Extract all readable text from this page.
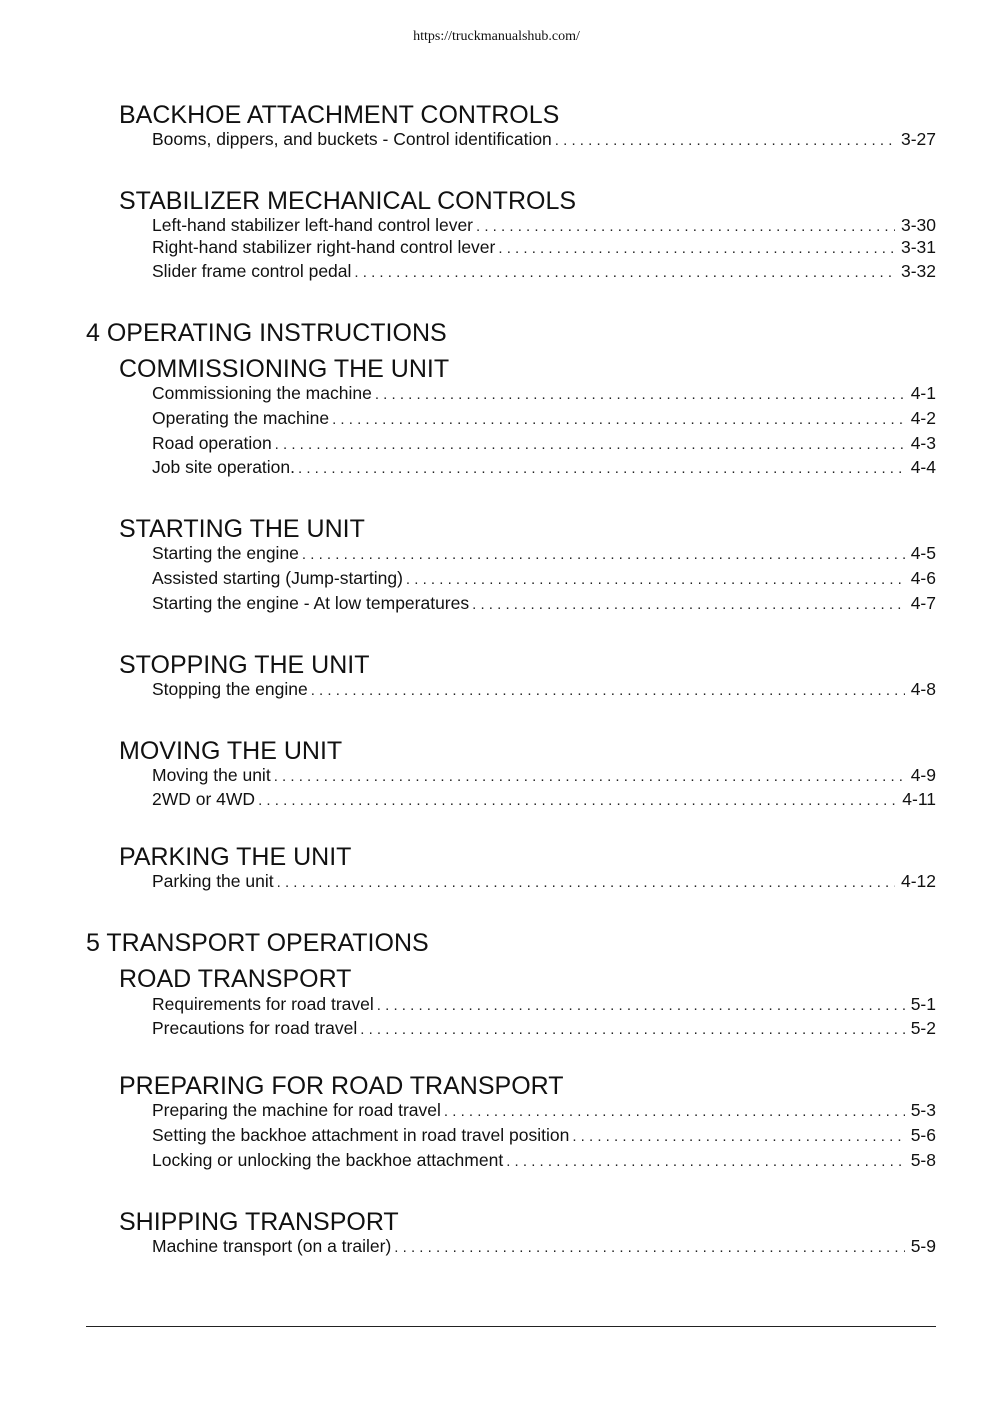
https://truckmanualshub.com/
BACKHOE ATTACHMENT CONTROLS
Booms, dippers, and buckets - Control identification . . .	3-27
STABILIZER MECHANICAL CONTROLS
Left-hand stabilizer left-hand control lever . . .	3-30
Right-hand stabilizer right-hand control lever . . .	3-31
Slider frame control pedal . . .	3-32
4 OPERATING INSTRUCTIONS
COMMISSIONING THE UNIT
Commissioning the machine . . .	4-1
Operating the machine . . .	4-2
Road operation . . .	4-3
Job site operation. . . .	4-4
STARTING THE UNIT
Starting the engine . . .	4-5
Assisted starting (Jump-starting) . . .	4-6
Starting the engine - At low temperatures . . .	4-7
STOPPING THE UNIT
Stopping the engine . . .	4-8
MOVING THE UNIT
Moving the unit . . .	4-9
2WD or 4WD . . .	4-11
PARKING THE UNIT
Parking the unit . . .	4-12
5 TRANSPORT OPERATIONS
ROAD TRANSPORT
Requirements for road travel . . .	5-1
Precautions for road travel . . .	5-2
PREPARING FOR ROAD TRANSPORT
Preparing the machine for road travel . . .	5-3
Setting the backhoe attachment in road travel position . . .	5-6
Locking or unlocking the backhoe attachment . . .	5-8
SHIPPING TRANSPORT
Machine transport (on a trailer) . . .	5-9
